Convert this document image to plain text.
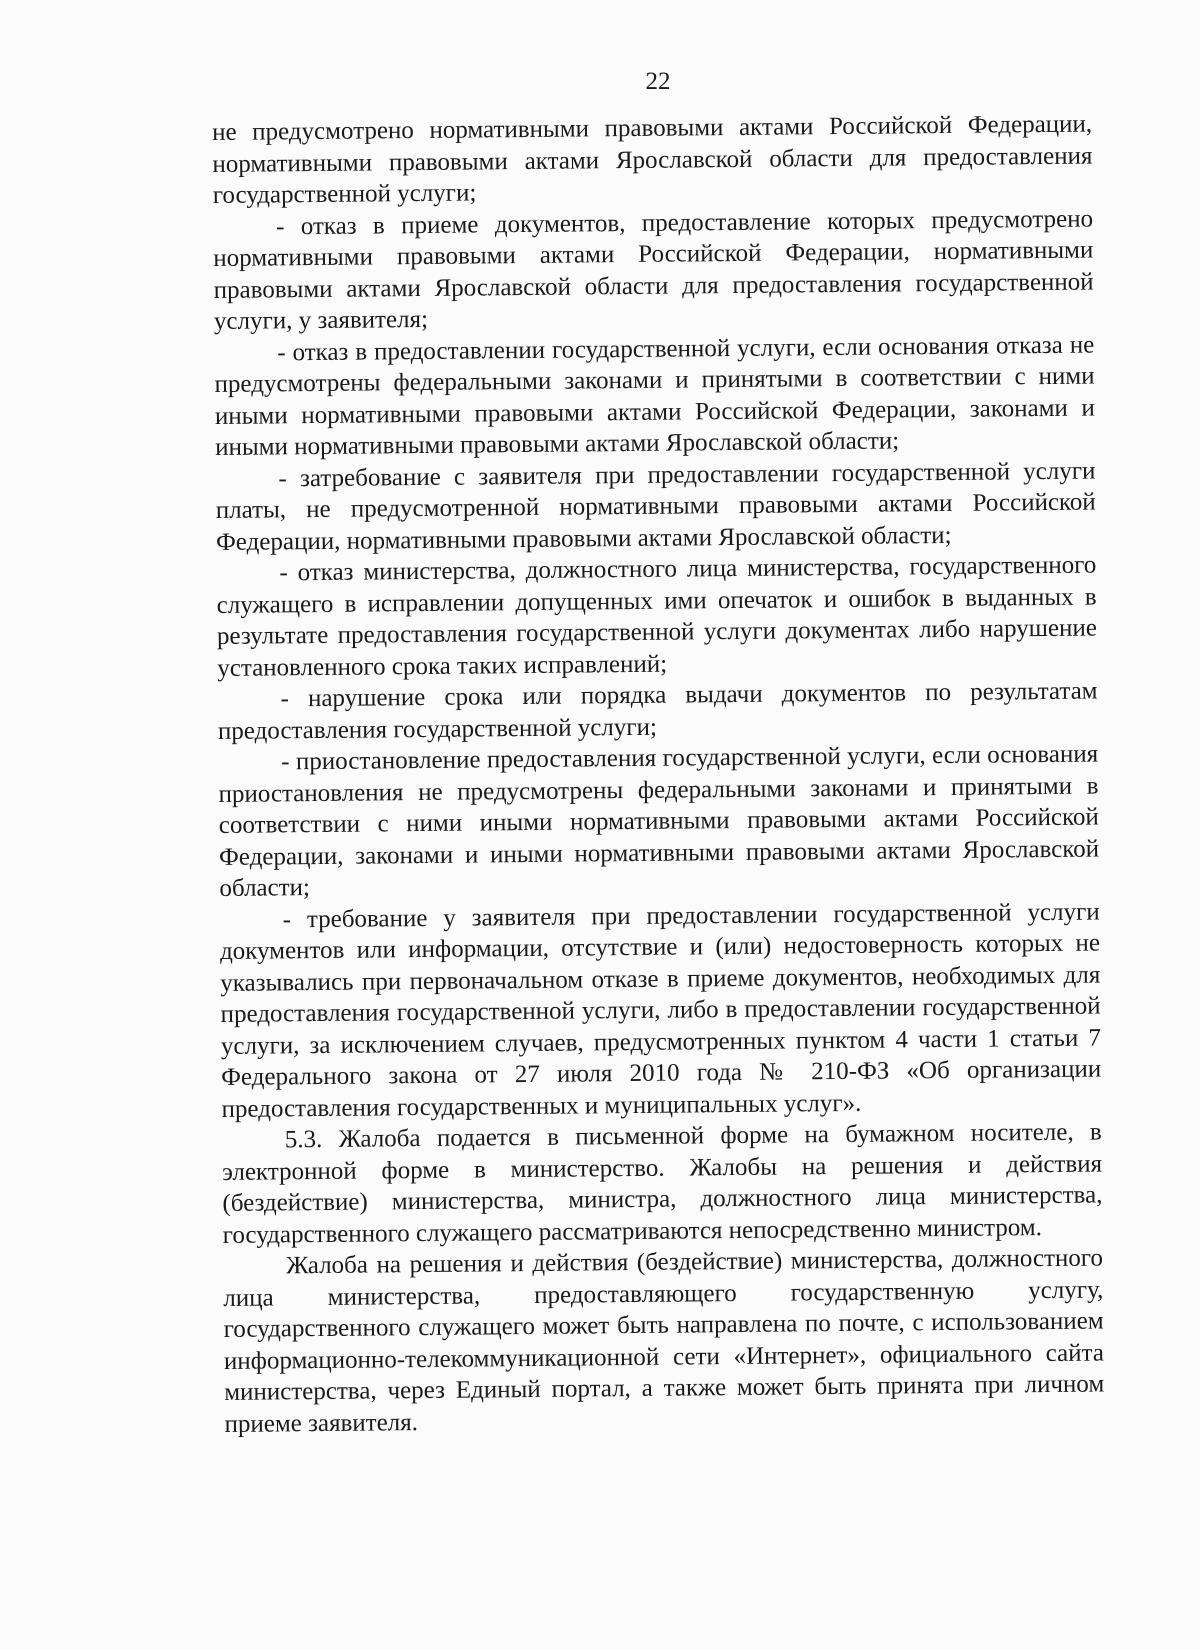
22

не предусмотрено нормативными правовыми актами Российской Федерации, нормативными правовыми актами Ярославской области для предоставления государственной услуги;

- отказ в приеме документов, предоставление которых предусмотрено нормативными правовыми актами Российской Федерации, нормативными правовыми актами Ярославской области для предоставления государственной услуги, у заявителя;

- отказ в предоставлении государственной услуги, если основания отказа не предусмотрены федеральными законами и принятыми в соответствии с ними иными нормативными правовыми актами Российской Федерации, законами и иными нормативными правовыми актами Ярославской области;

- затребование с заявителя при предоставлении государственной услуги платы, не предусмотренной нормативными правовыми актами Российской Федерации, нормативными правовыми актами Ярославской области;

- отказ министерства, должностного лица министерства, государственного служащего в исправлении допущенных ими опечаток и ошибок в выданных в результате предоставления государственной услуги документах либо нарушение установленного срока таких исправлений;

- нарушение срока или порядка выдачи документов по результатам предоставления государственной услуги;

- приостановление предоставления государственной услуги, если основания приостановления не предусмотрены федеральными законами и принятыми в соответствии с ними иными нормативными правовыми актами Российской Федерации, законами и иными нормативными правовыми актами Ярославской области;

- требование у заявителя при предоставлении государственной услуги документов или информации, отсутствие и (или) недостоверность которых не указывались при первоначальном отказе в приеме документов, необходимых для предоставления государственной услуги, либо в предоставлении государственной услуги, за исключением случаев, предусмотренных пунктом 4 части 1 статьи 7 Федерального закона от 27 июля 2010 года № 210-ФЗ «Об организации предоставления государственных и муниципальных услуг».

5.3. Жалоба подается в письменной форме на бумажном носителе, в электронной форме в министерство. Жалобы на решения и действия (бездействие) министерства, министра, должностного лица министерства, государственного служащего рассматриваются непосредственно министром.

Жалоба на решения и действия (бездействие) министерства, должностного лица министерства, предоставляющего государственную услугу, государственного служащего может быть направлена по почте, с использованием информационно-телекоммуникационной сети «Интернет», официального сайта министерства, через Единый портал, а также может быть принята при личном приеме заявителя.
